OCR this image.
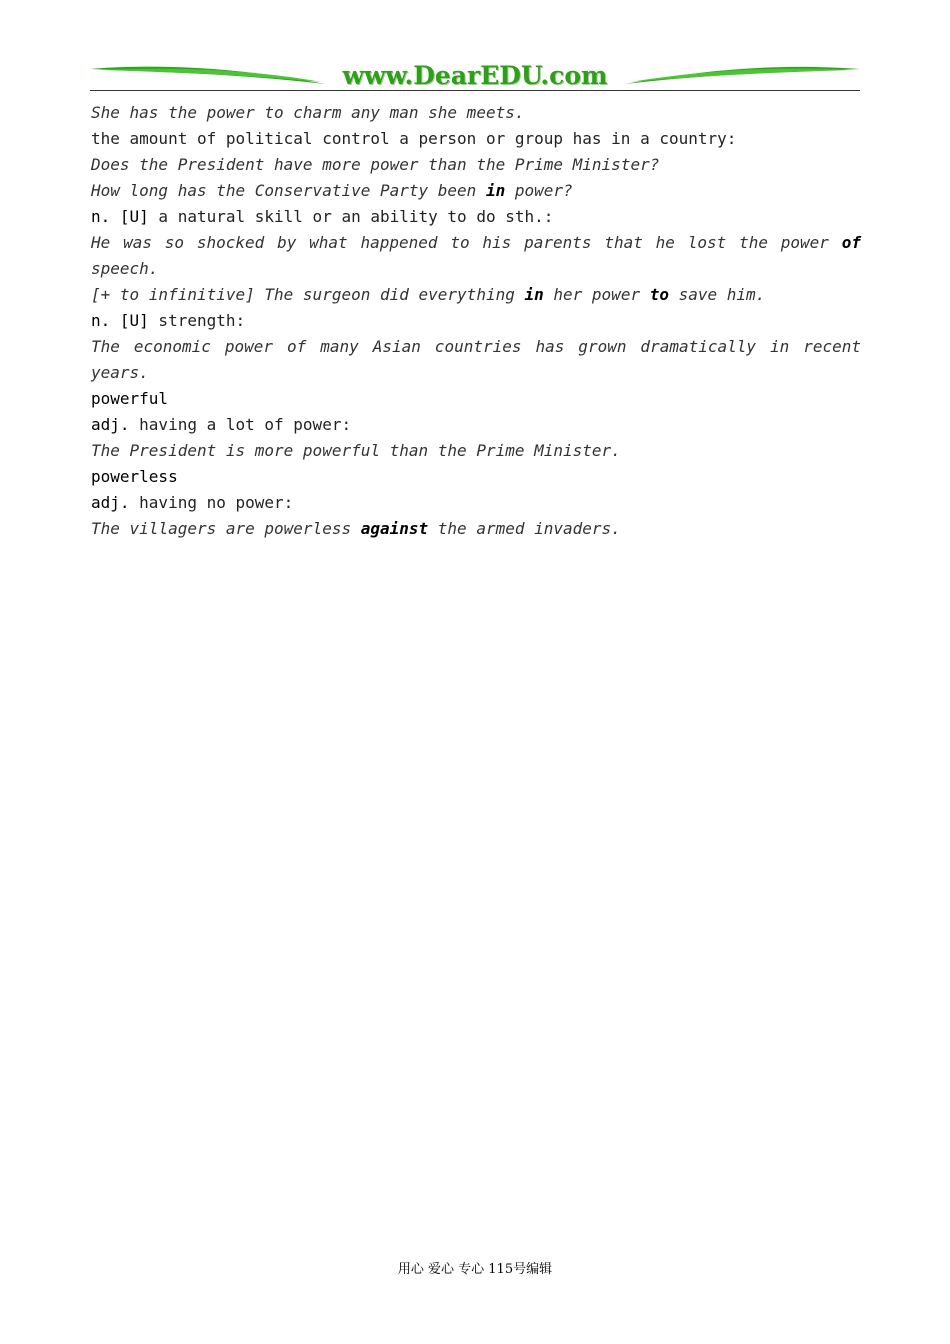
www.DearEDU.com
She has the power to charm any man she meets.
the amount of political control a person or group has in a country:
Does the President have more power than the Prime Minister?
How long has the Conservative Party been in power?
n. [U] a natural skill or an ability to do sth.:
He was so shocked by what happened to his parents that he lost the power of speech.
[+ to infinitive] The surgeon did everything in her power to save him.
n. [U] strength:
The economic power of many Asian countries has grown dramatically in recent years.
powerful
adj. having a lot of power:
The President is more powerful than the Prime Minister.
powerless
adj. having no power:
The villagers are powerless against the armed invaders.
用心 爱心 专心 115号编辑
